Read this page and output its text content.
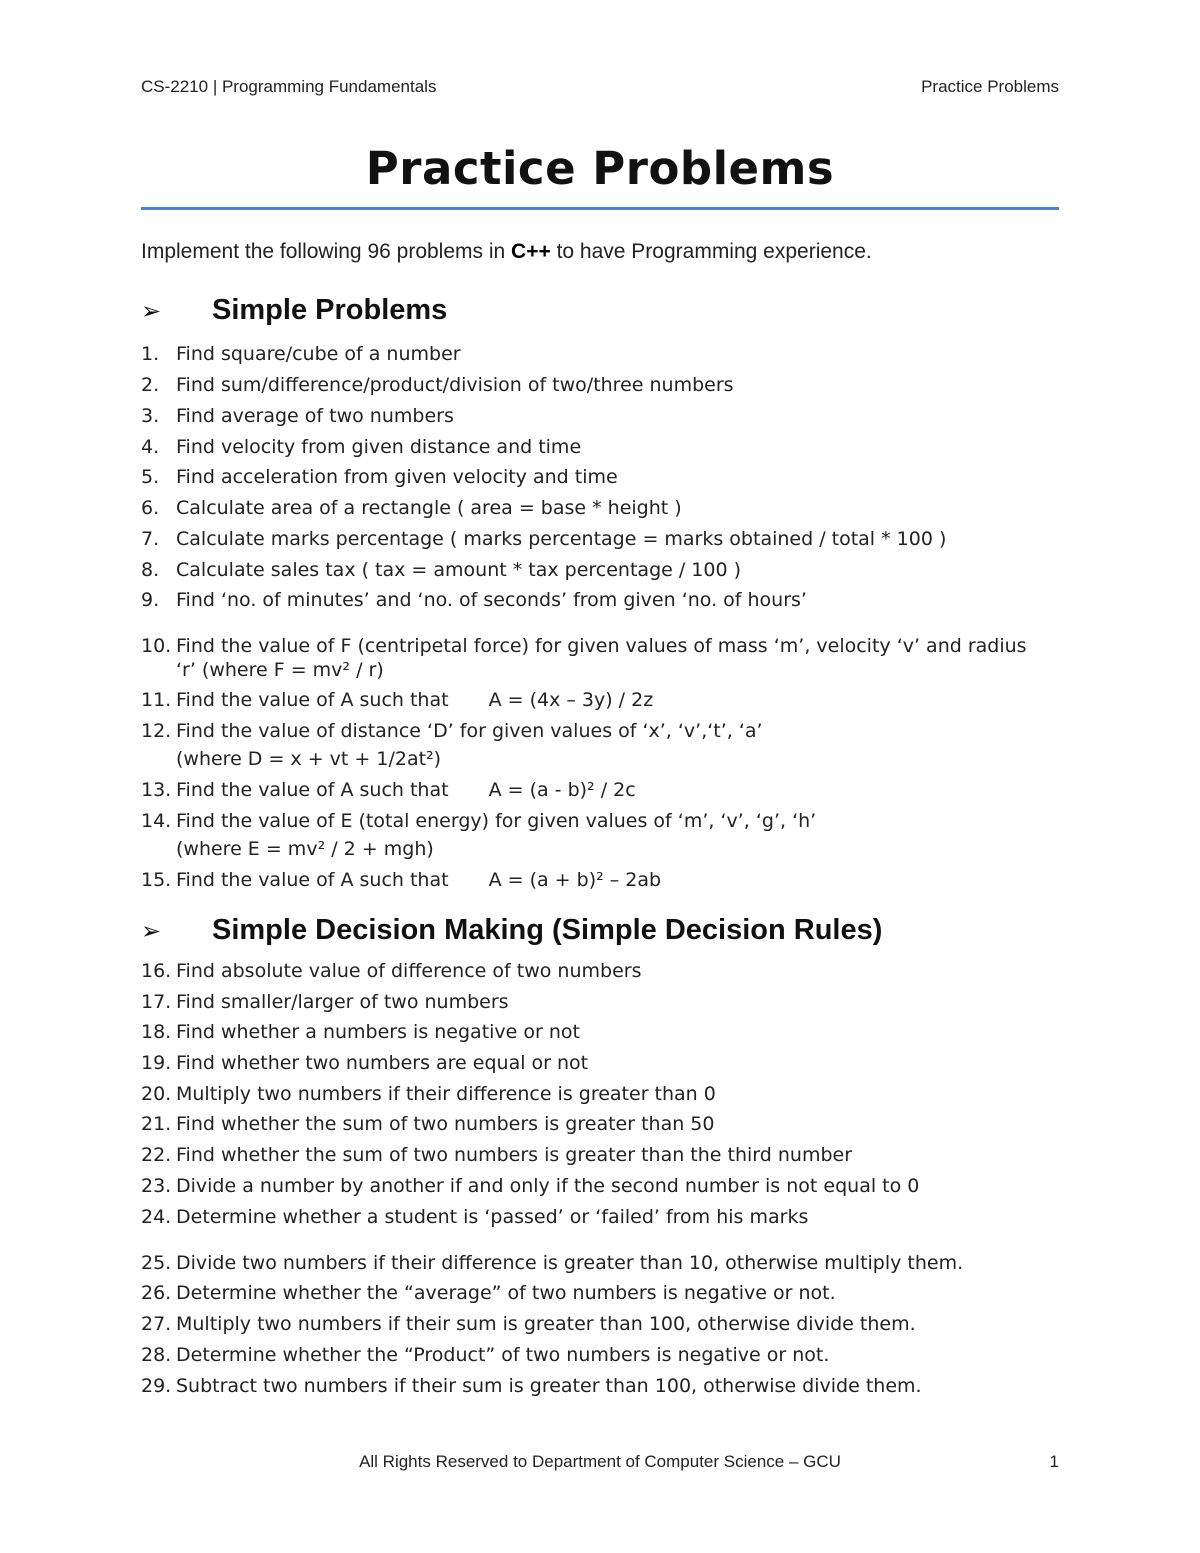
CS-2210 | Programming Fundamentals	Practice Problems
Practice Problems
Implement the following 96 problems in C++ to have Programming experience.
➢ Simple Problems
1. Find square/cube of a number
2. Find sum/difference/product/division of two/three numbers
3. Find average of two numbers
4. Find velocity from given distance and time
5. Find acceleration from given velocity and time
6. Calculate area of a rectangle ( area = base * height )
7. Calculate marks percentage ( marks percentage = marks obtained / total * 100 )
8. Calculate sales tax ( tax = amount * tax percentage / 100 )
9. Find ‘no. of minutes’ and ‘no. of seconds’ from given ‘no. of hours’
10. Find the value of F (centripetal force) for given values of mass ‘m’, velocity ‘v’ and radius
‘r’ (where F = mv² / r)
11. Find the value of A such that A = (4x – 3y) / 2z
12. Find the value of distance ‘D’ for given values of ‘x’, ‘v’,‘t’, ‘a’
(where D = x + vt + 1/2at²)
13. Find the value of A such that A = (a - b)² / 2c
14. Find the value of E (total energy) for given values of ‘m’, ‘v’, ‘g’, ‘h’
(where E = mv² / 2 + mgh)
15. Find the value of A such that A = (a + b)² – 2ab
➢ Simple Decision Making (Simple Decision Rules)
16. Find absolute value of difference of two numbers
17. Find smaller/larger of two numbers
18. Find whether a numbers is negative or not
19. Find whether two numbers are equal or not
20. Multiply two numbers if their difference is greater than 0
21. Find whether the sum of two numbers is greater than 50
22. Find whether the sum of two numbers is greater than the third number
23. Divide a number by another if and only if the second number is not equal to 0
24. Determine whether a student is ‘passed’ or ‘failed’ from his marks
25. Divide two numbers if their difference is greater than 10, otherwise multiply them.
26. Determine whether the “average” of two numbers is negative or not.
27. Multiply two numbers if their sum is greater than 100, otherwise divide them.
28. Determine whether the “Product” of two numbers is negative or not.
29. Subtract two numbers if their sum is greater than 100, otherwise divide them.
All Rights Reserved to Department of Computer Science – GCU	1
